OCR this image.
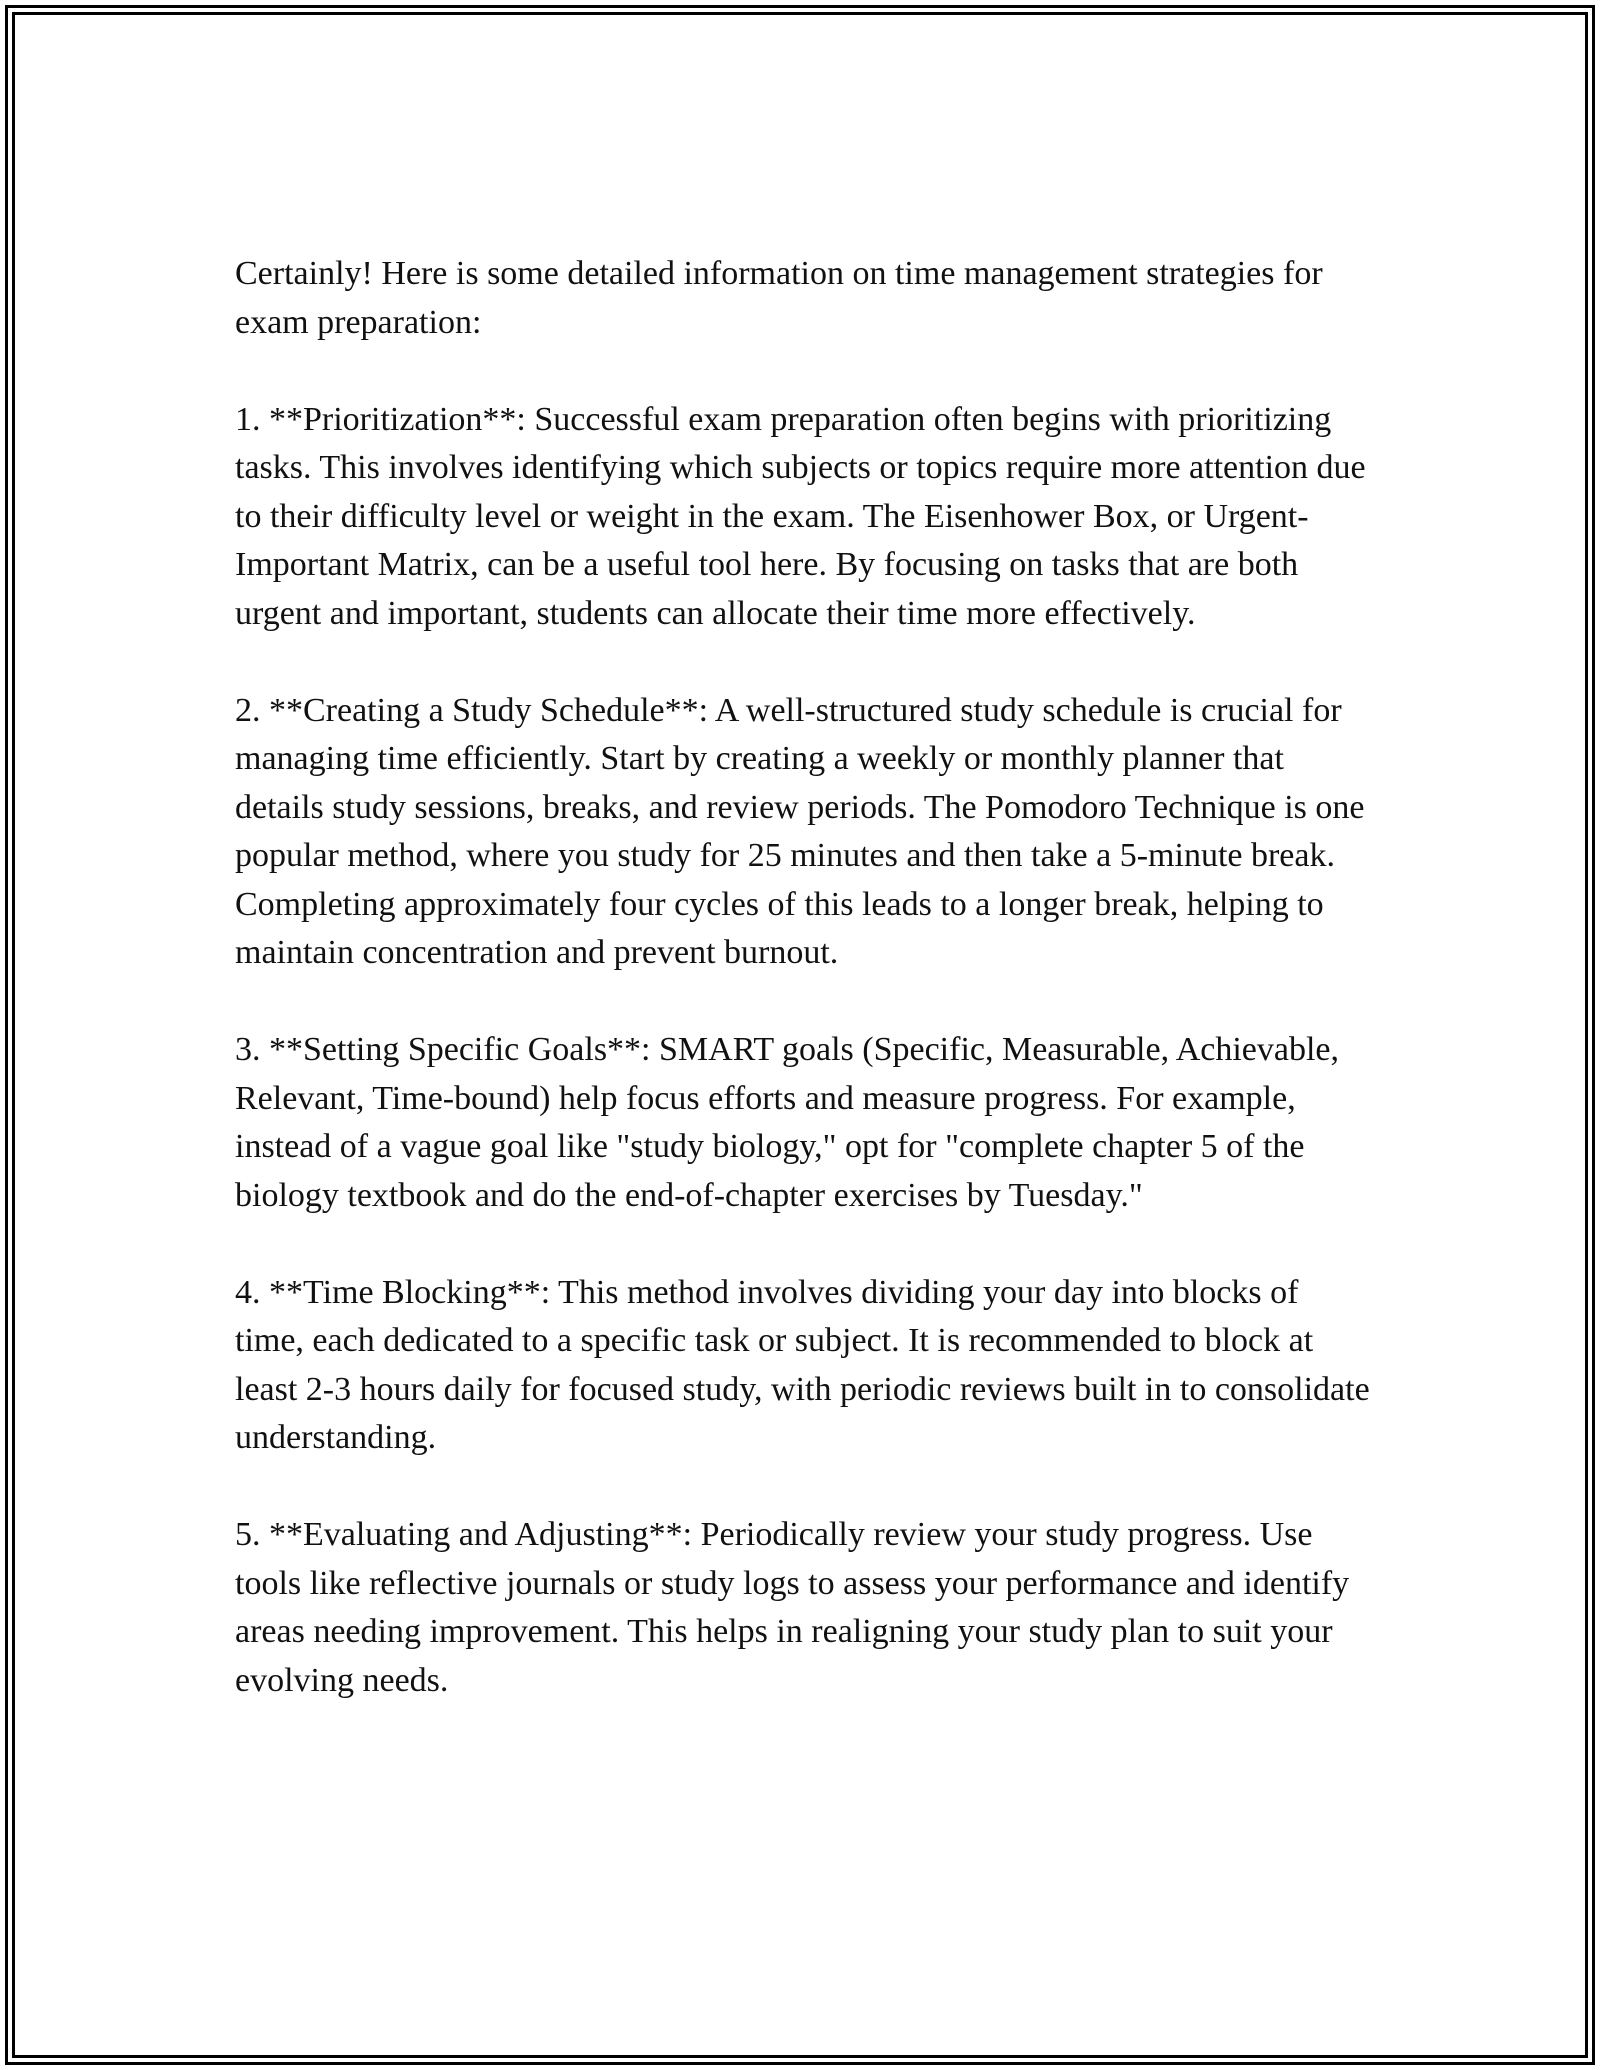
Certainly! Here is some detailed information on time management strategies for exam preparation:

1. **Prioritization**: Successful exam preparation often begins with prioritizing tasks. This involves identifying which subjects or topics require more attention due to their difficulty level or weight in the exam. The Eisenhower Box, or Urgent-Important Matrix, can be a useful tool here. By focusing on tasks that are both urgent and important, students can allocate their time more effectively.

2. **Creating a Study Schedule**: A well-structured study schedule is crucial for managing time efficiently. Start by creating a weekly or monthly planner that details study sessions, breaks, and review periods. The Pomodoro Technique is one popular method, where you study for 25 minutes and then take a 5-minute break. Completing approximately four cycles of this leads to a longer break, helping to maintain concentration and prevent burnout.

3. **Setting Specific Goals**: SMART goals (Specific, Measurable, Achievable, Relevant, Time-bound) help focus efforts and measure progress. For example, instead of a vague goal like "study biology," opt for "complete chapter 5 of the biology textbook and do the end-of-chapter exercises by Tuesday."

4. **Time Blocking**: This method involves dividing your day into blocks of time, each dedicated to a specific task or subject. It is recommended to block at least 2-3 hours daily for focused study, with periodic reviews built in to consolidate understanding.

5. **Evaluating and Adjusting**: Periodically review your study progress. Use tools like reflective journals or study logs to assess your performance and identify areas needing improvement. This helps in realigning your study plan to suit your evolving needs.
